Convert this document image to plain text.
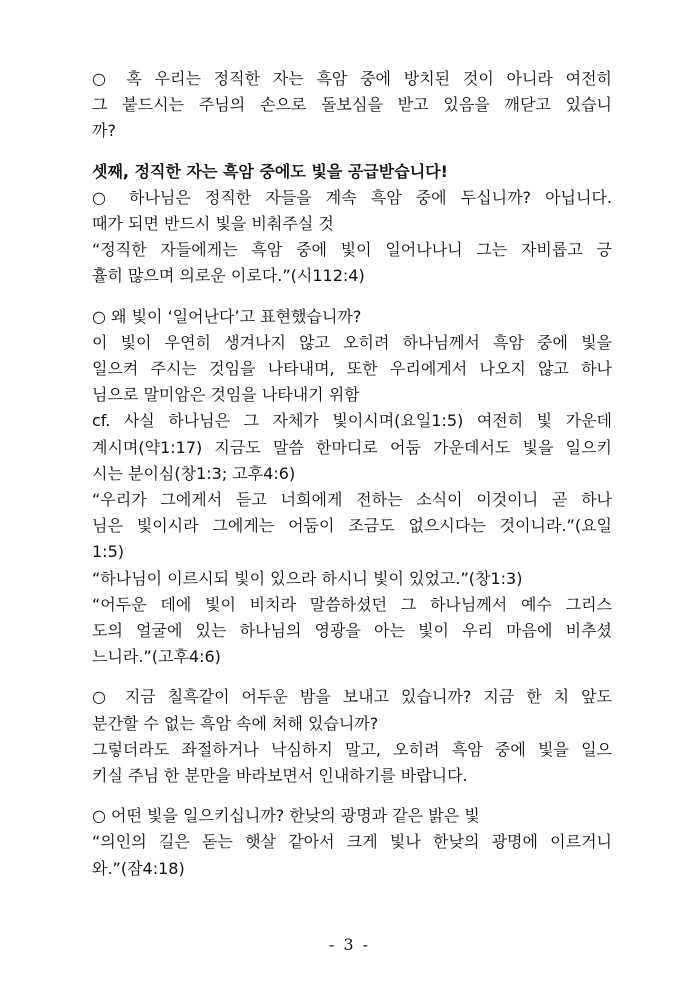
○ 혹 우리는 정직한 자는 흑암 중에 방치된 것이 아니라 여전히
그 붙드시는 주님의 손으로 돌보심을 받고 있음을 깨닫고 있습니
까?
셋째, 정직한 자는 흑암 중에도 빛을 공급받습니다!
○ 하나님은 정직한 자들을 계속 흑암 중에 두십니까? 아닙니다.
때가 되면 반드시 빛을 비춰주실 것
“정직한 자들에게는 흑암 중에 빛이 일어나나니 그는 자비롭고 긍
휼히 많으며 의로운 이로다.”(시112:4)
○ 왜 빛이 ‘일어난다’고 표현했습니까?
이 빛이 우연히 생겨나지 않고 오히려 하나님께서 흑암 중에 빛을
일으켜 주시는 것임을 나타내며, 또한 우리에게서 나오지 않고 하나
님으로 말미암은 것임을 나타내기 위함
cf. 사실 하나님은 그 자체가 빛이시며(요일1:5) 여전히 빛 가운데
계시며(약1:17) 지금도 말씀 한마디로 어둠 가운데서도 빛을 일으키
시는 분이심(창1:3; 고후4:6)
“우리가 그에게서 듣고 너희에게 전하는 소식이 이것이니 곧 하나
님은 빛이시라 그에게는 어둠이 조금도 없으시다는 것이니라.”(요일
1:5)
“하나님이 이르시되 빛이 있으라 하시니 빛이 있었고.”(창1:3)
“어두운 데에 빛이 비치라 말씀하셨던 그 하나님께서 예수 그리스
도의 얼굴에 있는 하나님의 영광을 아는 빛이 우리 마음에 비추셨
느니라.”(고후4:6)
○ 지금 칠흑같이 어두운 밤을 보내고 있습니까? 지금 한 치 앞도
분간할 수 없는 흑암 속에 처해 있습니까?
그렇더라도 좌절하거나 낙심하지 말고, 오히려 흑암 중에 빛을 일으
키실 주님 한 분만을 바라보면서 인내하기를 바랍니다.
○ 어떤 빛을 일으키십니까? 한낮의 광명과 같은 밝은 빛
“의인의 길은 돋는 햇살 같아서 크게 빛나 한낮의 광명에 이르거니
와.”(잠4:18)
- 3 -
